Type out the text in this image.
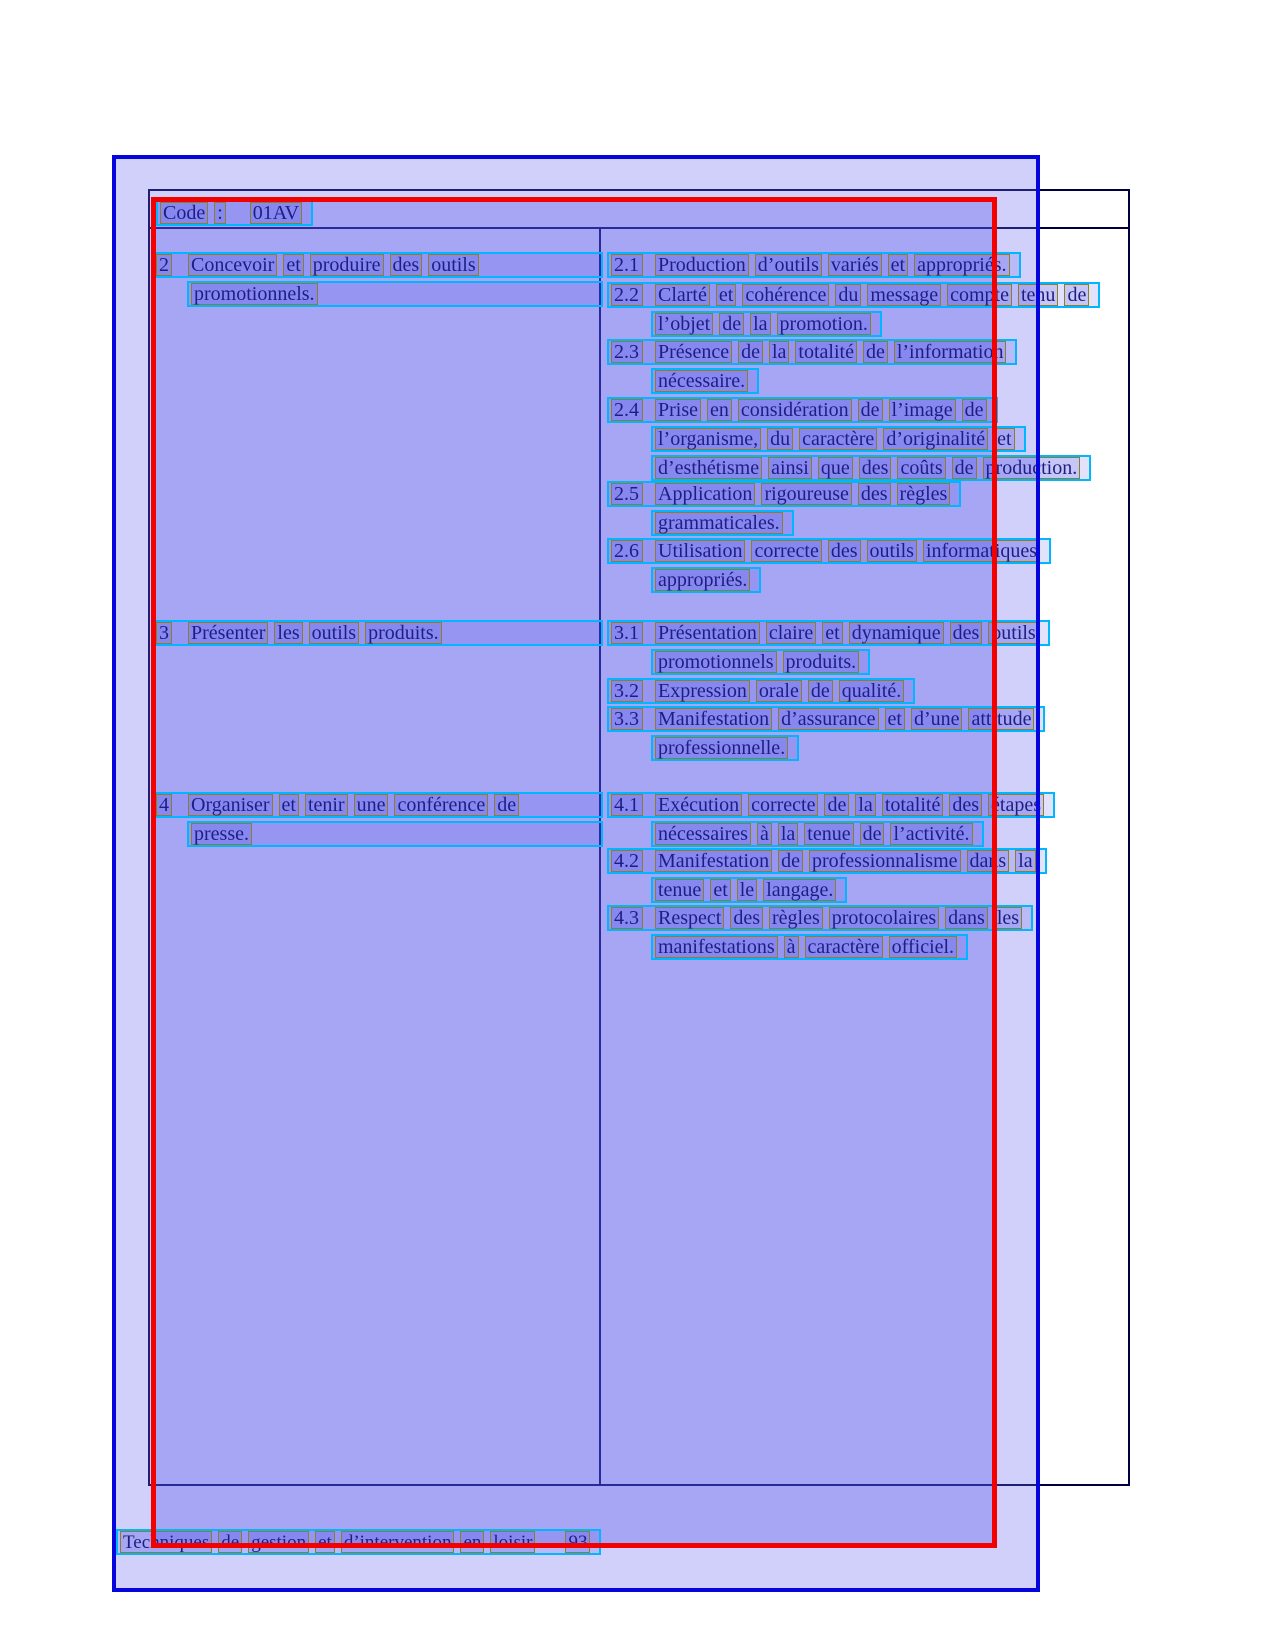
Code : 01AV
2 Concevoir et produire des outils
promotionnels.
3 Présenter les outils produits.
4 Organiser et tenir une conférence de
presse.
2.1 Production d’outils variés et appropriés.
2.2 Clarté et cohérence du message compte tenu de
l’objet de la promotion.
2.3 Présence de la totalité de l’information
nécessaire.
2.4 Prise en considération de l’image de
l’organisme, du caractère d’originalité et
d’esthétisme ainsi que des coûts de production.
2.5 Application rigoureuse des règles
grammaticales.
2.6 Utilisation correcte des outils informatiques
appropriés.
3.1 Présentation claire et dynamique des outils
promotionnels produits.
3.2 Expression orale de qualité.
3.3 Manifestation d’assurance et d’une attitude
professionnelle.
4.1 Exécution correcte de la totalité des étapes
nécessaires à la tenue de l’activité.
4.2 Manifestation de professionnalisme dans la
tenue et le langage.
4.3 Respect des règles protocolaires dans les
manifestations à caractère officiel.
Techniques de gestion et d’intervention en loisir 93
